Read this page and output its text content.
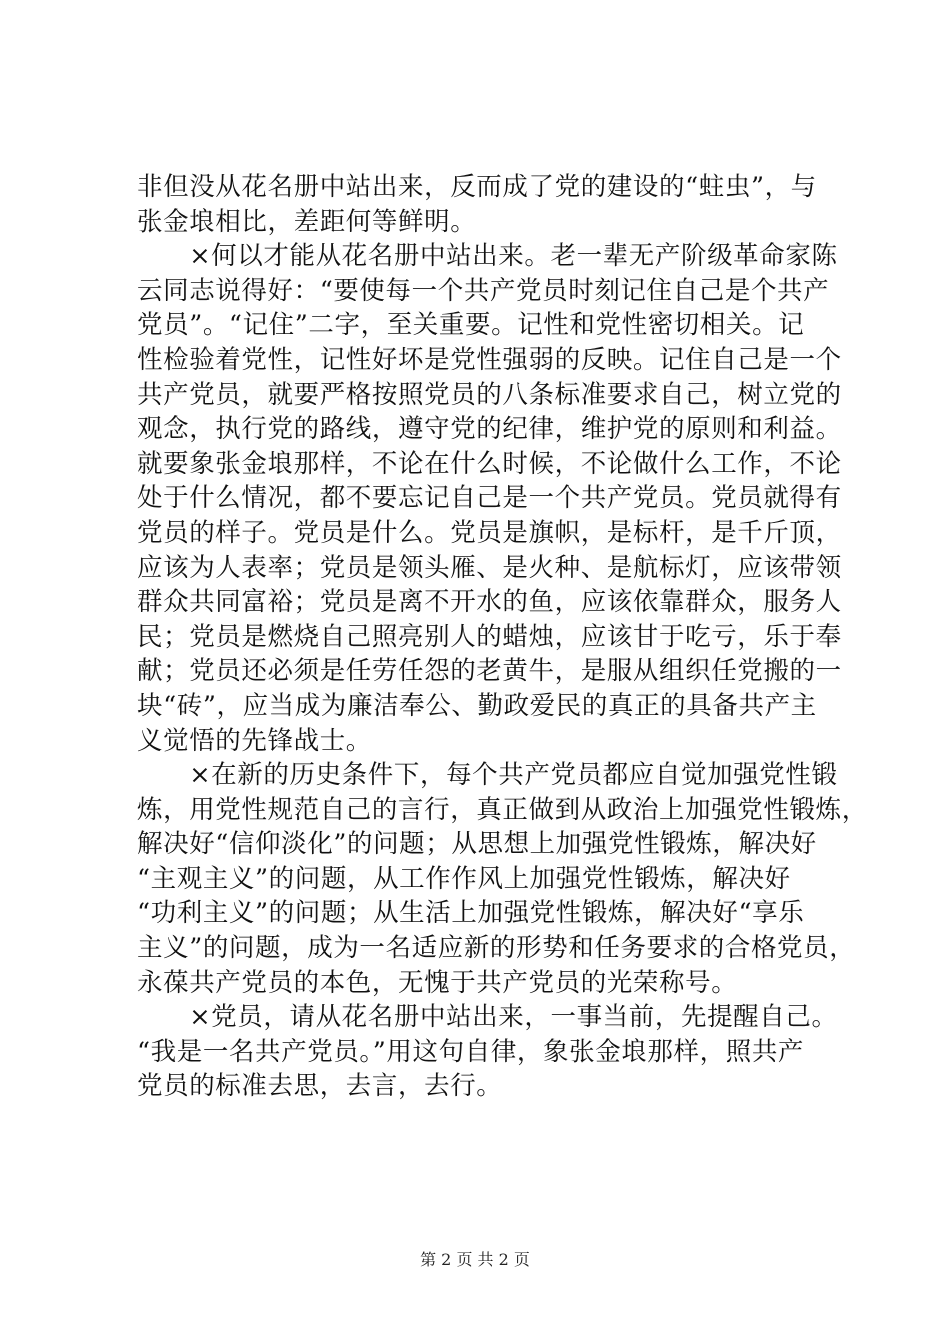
非但没从花名册中站出来，反而成了党的建设的“蛀虫”，与
张金埌相比，差距何等鲜明。
　　×何以才能从花名册中站出来。老一辈无产阶级革命家陈
云同志说得好：“要使每一个共产党员时刻记住自己是个共产
党员”。“记住”二字，至关重要。记性和党性密切相关。记
性检验着党性，记性好坏是党性强弱的反映。记住自己是一个
共产党员，就要严格按照党员的八条标准要求自己，树立党的
观念，执行党的路线，遵守党的纪律，维护党的原则和利益。
就要象张金埌那样，不论在什么时候，不论做什么工作，不论
处于什么情况，都不要忘记自己是一个共产党员。党员就得有
党员的样子。党员是什么。党员是旗帜，是标杆，是千斤顶，
应该为人表率；党员是领头雁、是火种、是航标灯，应该带领
群众共同富裕；党员是离不开水的鱼，应该依靠群众，服务人
民；党员是燃烧自己照亮别人的蜡烛，应该甘于吃亏，乐于奉
献；党员还必须是任劳任怨的老黄牛，是服从组织任党搬的一
块“砖”，应当成为廉洁奉公、勤政爱民的真正的具备共产主
义觉悟的先锋战士。
　　×在新的历史条件下，每个共产党员都应自觉加强党性锻
炼，用党性规范自己的言行，真正做到从政治上加强党性锻炼，
解决好“信仰淡化”的问题；从思想上加强党性锻炼，解决好
“主观主义”的问题，从工作作风上加强党性锻炼，解决好
“功利主义”的问题；从生活上加强党性锻炼，解决好“享乐
主义”的问题，成为一名适应新的形势和任务要求的合格党员，
永葆共产党员的本色，无愧于共产党员的光荣称号。
　　×党员，请从花名册中站出来，一事当前，先提醒自己。
“我是一名共产党员。”用这句自律，象张金埌那样，照共产
党员的标准去思，去言，去行。
第 2 页 共 2 页
